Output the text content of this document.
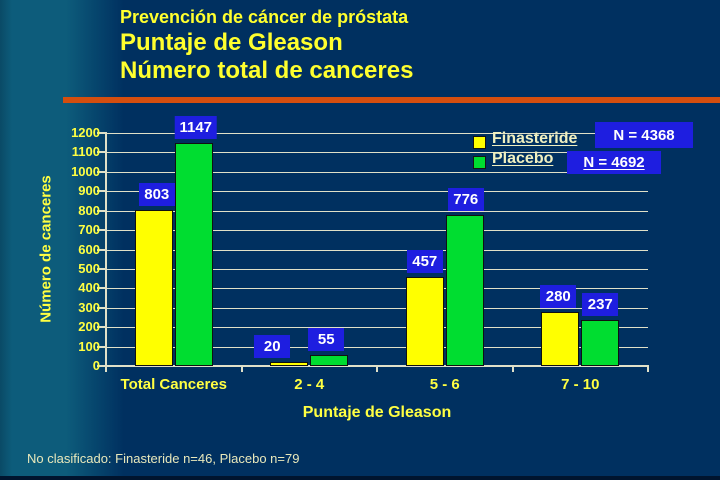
Prevención de cáncer de próstata
Puntaje de Gleason
Número total de canceres
Número de canceres
Puntaje de Gleason
0
100
200
300
400
500
600
700
800
900
1000
1100
1200
Total Canceres
803
1147
2 - 4
20	55
5 - 6
457
776
7 - 10
280	237
Finasteride N = 4368
Placebo N = 4692
No clasificado: Finasteride n=46, Placebo n=79
